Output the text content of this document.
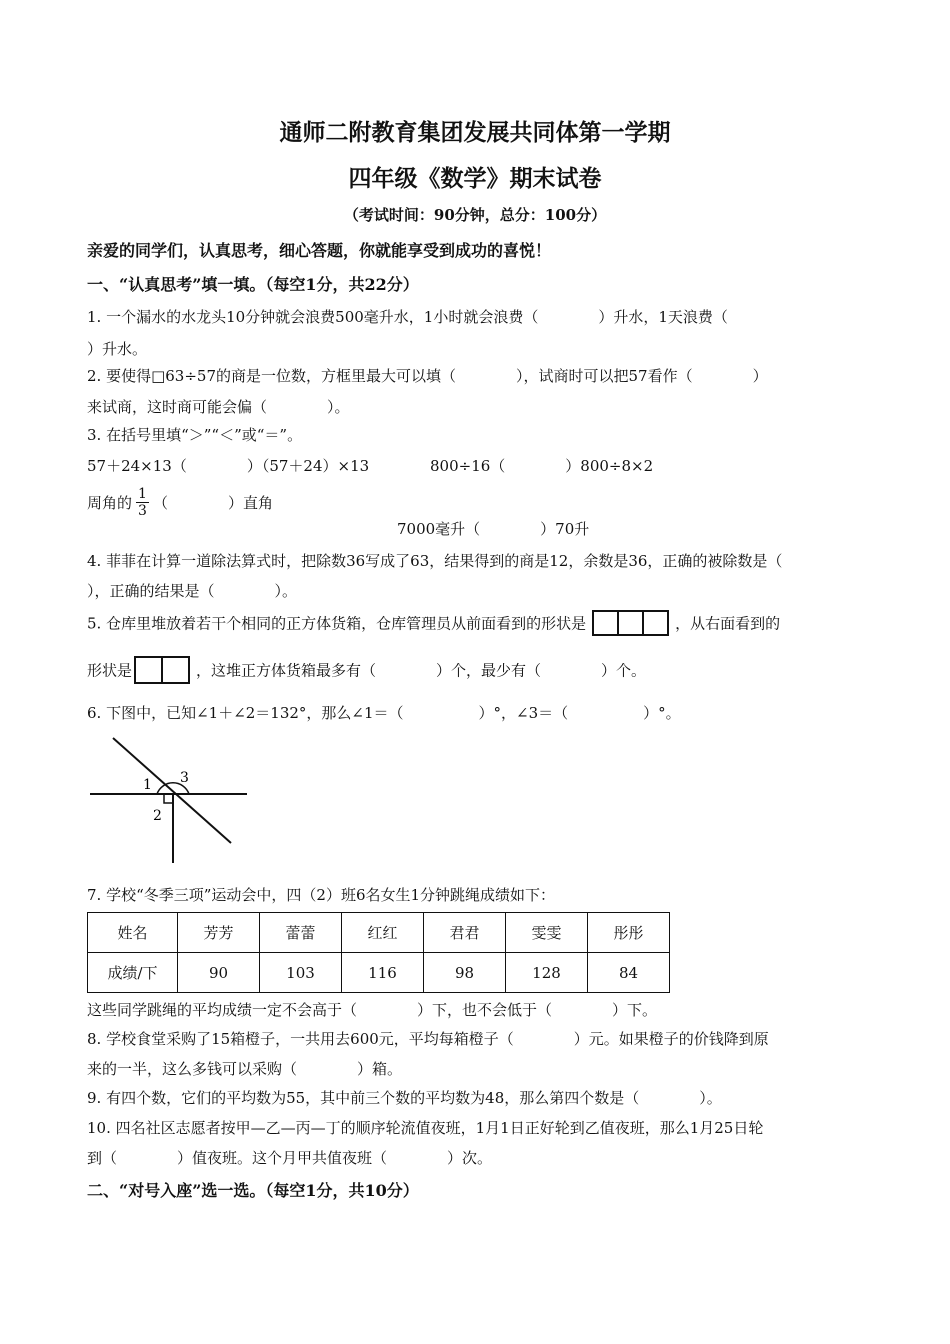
通师二附教育集团发展共同体第一学期
四年级《数学》期末试卷
（考试时间：90分钟，总分：100分）
亲爱的同学们，认真思考，细心答题，你就能享受到成功的喜悦！
一、“认真思考”填一填。（每空1分，共22分）
1. 一个漏水的水龙头10分钟就会浪费500毫升水，1小时就会浪费（　　　　）升水，1天浪费（
）升水。
2. 要使得□63÷57的商是一位数，方框里最大可以填（　　　　），试商时可以把57看作（　　　　）
来试商，这时商可能会偏（　　　　）。
3. 在括号里填“＞”“＜”或“＝”。
57＋24×13（　　　　）（57＋24）×13	800÷16（　　　　）800÷8×2
周角的 $\frac{1}{3}$ （　　　　）直角
7000毫升（　　　　）70升
4. 菲菲在计算一道除法算式时，把除数36写成了63，结果得到的商是12，余数是36，正确的被除数是（
），正确的结果是（　　　　）。
5. 仓库里堆放着若干个相同的正方体货箱，仓库管理员从前面看到的形状是	，从右面看到的
形状是	，这堆正方体货箱最多有（　　　　）个，最少有（　　　　）个。
6. 下图中，已知∠1＋∠2＝132°，那么∠1＝（　　　　　）°，∠3＝（　　　　　）°。
1
2
3
7. 学校“冬季三项”运动会中，四（2）班6名女生1分钟跳绳成绩如下：
姓名	芳芳	蕾蕾	红红	君君	雯雯	彤彤
成绩/下	90	103	116	98	128	84
这些同学跳绳的平均成绩一定不会高于（　　　　）下，也不会低于（　　　　）下。
8. 学校食堂采购了15箱橙子，一共用去600元，平均每箱橙子（　　　　）元。如果橙子的价钱降到原
来的一半，这么多钱可以采购（　　　　）箱。
9. 有四个数，它们的平均数为55，其中前三个数的平均数为48，那么第四个数是（　　　　）。
10. 四名社区志愿者按甲—乙—丙—丁的顺序轮流值夜班，1月1日正好轮到乙值夜班，那么1月25日轮
到（　　　　）值夜班。这个月甲共值夜班（　　　　）次。
二、“对号入座”选一选。（每空1分，共10分）
